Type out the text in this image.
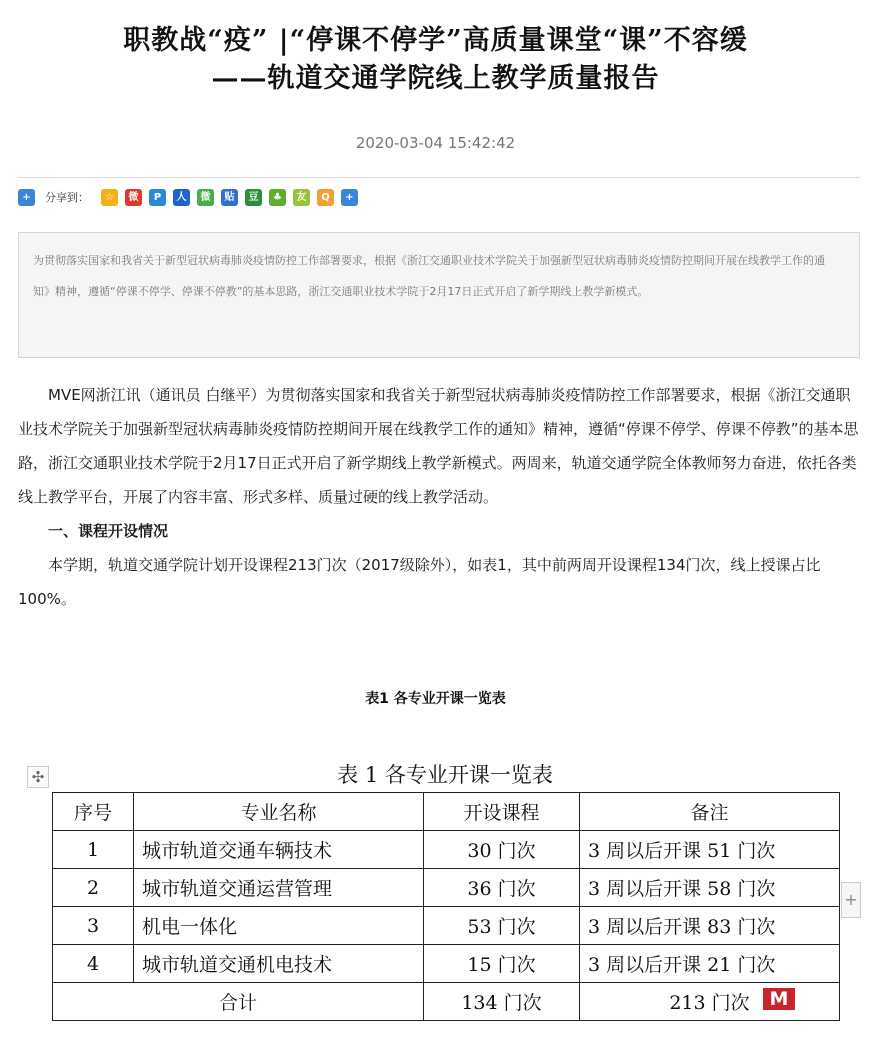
职教战“疫” |“停课不停学”高质量课堂“课”不容缓
——轨道交通学院线上教学质量报告
2020-03-04 15:42:42
+	分享到：	☆	微	P	人	微	贴	豆	♣	友	Q	+
为贯彻落实国家和我省关于新型冠状病毒肺炎疫情防控工作部署要求，根据《浙江交通职业技术学院关于加强新型冠状病毒肺炎疫情防控期间开展在线教学工作的通知》精神，遵循“停课不停学、停课不停教”的基本思路，浙江交通职业技术学院于2月17日正式开启了新学期线上教学新模式。

MVE网浙江讯（通讯员 白继平）为贯彻落实国家和我省关于新型冠状病毒肺炎疫情防控工作部署要求，根据《浙江交通职业技术学院关于加强新型冠状病毒肺炎疫情防控期间开展在线教学工作的通知》精神，遵循“停课不停学、停课不停教”的基本思路，浙江交通职业技术学院于2月17日正式开启了新学期线上教学新模式。两周来，轨道交通学院全体教师努力奋进，依托各类线上教学平台，开展了内容丰富、形式多样、质量过硬的线上教学活动。

一、课程开设情况

本学期，轨道交通学院计划开设课程213门次（2017级除外），如表1，其中前两周开设课程134门次，线上授课占比100%。

表1 各专业开课一览表
✣	表 1 各专业开课一览表
序号	专业名称	开设课程	备注
1	城市轨道交通车辆技术	30 门次	3 周以后开课 51 门次
2	城市轨道交通运营管理	36 门次	3 周以后开课 58 门次
3	机电一体化	53 门次	3 周以后开课 83 门次
4	城市轨道交通机电技术	15 门次	3 周以后开课 21 门次
合计		134 门次	213 门次
+
M
